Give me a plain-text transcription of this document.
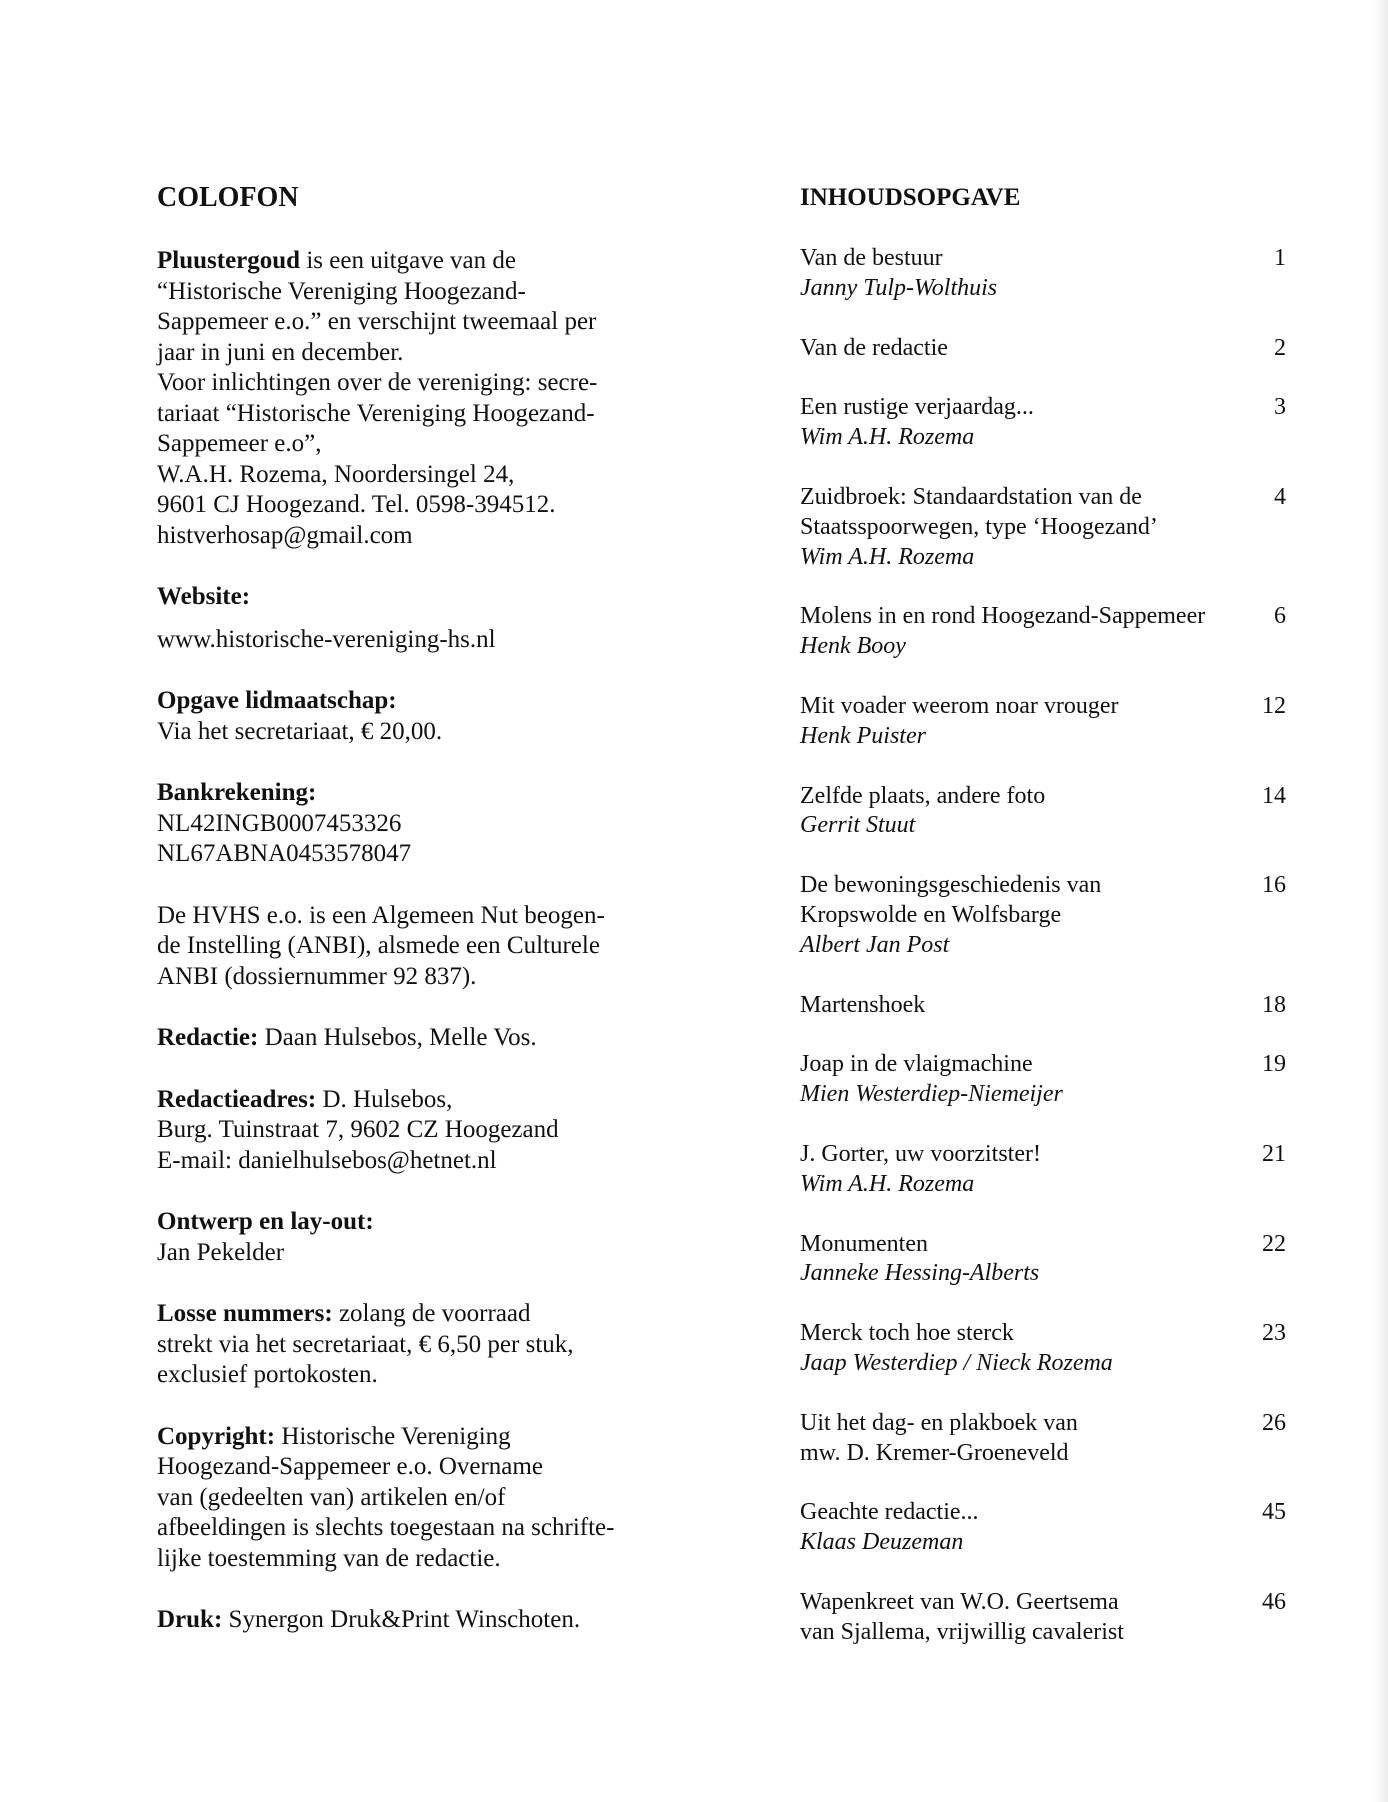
COLOFON
Pluustergoud is een uitgave van de
“Historische Vereniging Hoogezand-
Sappemeer e.o.” en verschijnt tweemaal per
jaar in juni en december.
Voor inlichtingen over de vereniging: secre-
tariaat “Historische Vereniging Hoogezand-
Sappemeer e.o”,
W.A.H. Rozema, Noordersingel 24,
9601 CJ Hoogezand. Tel. 0598-394512.
histverhosap@gmail.com
Website:
www.historische-vereniging-hs.nl
Opgave lidmaatschap:
Via het secretariaat, € 20,00.
Bankrekening:
NL42INGB0007453326
NL67ABNA0453578047
De HVHS e.o. is een Algemeen Nut beogen-
de Instelling (ANBI), alsmede een Culturele
ANBI (dossiernummer 92 837).
Redactie: Daan Hulsebos, Melle Vos.
Redactieadres: D. Hulsebos,
Burg. Tuinstraat 7, 9602 CZ Hoogezand
E-mail: danielhulsebos@hetnet.nl
Ontwerp en lay-out:
Jan Pekelder
Losse nummers: zolang de voorraad
strekt via het secretariaat, € 6,50 per stuk,
exclusief portokosten.
Copyright: Historische Vereniging
Hoogezand-Sappemeer e.o. Overname
van (gedeelten van) artikelen en/of
afbeeldingen is slechts toegestaan na schrifte-
lijke toestemming van de redactie.
Druk: Synergon Druk&Print Winschoten.
INHOUDSOPGAVE
Van de bestuur
Janny Tulp-Wolthuis
1
Van de redactie	2
Een rustige verjaardag...
Wim A.H. Rozema
3
Zuidbroek: Standaardstation van de
Staatsspoorwegen, type ‘Hoogezand’
Wim A.H. Rozema
4
Molens in en rond Hoogezand-Sappemeer
Henk Booy
6
Mit voader weerom noar vrouger
Henk Puister
12
Zelfde plaats, andere foto
Gerrit Stuut
14
De bewoningsgeschiedenis van
Kropswolde en Wolfsbarge
Albert Jan Post
16
Martenshoek	18
Joap in de vlaigmachine
Mien Westerdiep-Niemeijer
19
J. Gorter, uw voorzitster!
Wim A.H. Rozema
21
Monumenten
Janneke Hessing-Alberts
22
Merck toch hoe sterck
Jaap Westerdiep / Nieck Rozema
23
Uit het dag- en plakboek van
mw. D. Kremer-Groeneveld
26
Geachte redactie...
Klaas Deuzeman
45
Wapenkreet van W.O. Geertsema
van Sjallema, vrijwillig cavalerist
46
